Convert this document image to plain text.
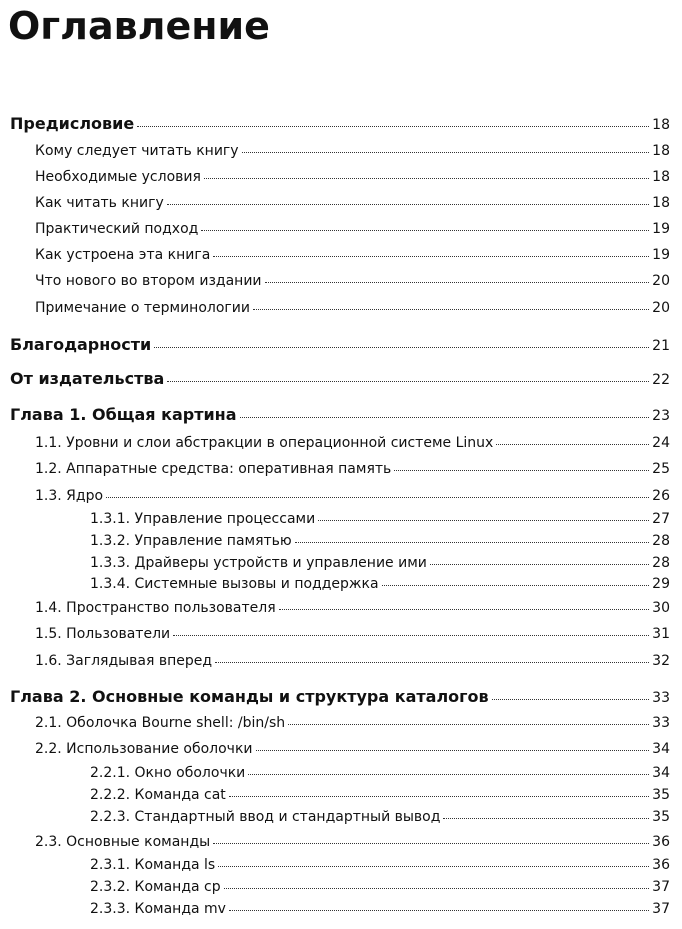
Оглавление
Предисловие	18
Кому следует читать книгу	18
Необходимые условия	18
Как читать книгу	18
Практический подход	19
Как устроена эта книга	19
Что нового во втором издании	20
Примечание о терминологии	20
Благодарности	21
От издательства	22
Глава 1. Общая картина	23
1.1. Уровни и слои абстракции в операционной системе Linux	24
1.2. Аппаратные средства: оперативная память	25
1.3. Ядро	26
1.3.1. Управление процессами	27
1.3.2. Управление памятью	28
1.3.3. Драйверы устройств и управление ими	28
1.3.4. Системные вызовы и поддержка	29
1.4. Пространство пользователя	30
1.5. Пользователи	31
1.6. Заглядывая вперед	32
Глава 2. Основные команды и структура каталогов	33
2.1. Оболочка Bourne shell: /bin/sh	33
2.2. Использование оболочки	34
2.2.1. Окно оболочки	34
2.2.2. Команда cat	35
2.2.3. Стандартный ввод и стандартный вывод	35
2.3. Основные команды	36
2.3.1. Команда ls	36
2.3.2. Команда cp	37
2.3.3. Команда mv	37
